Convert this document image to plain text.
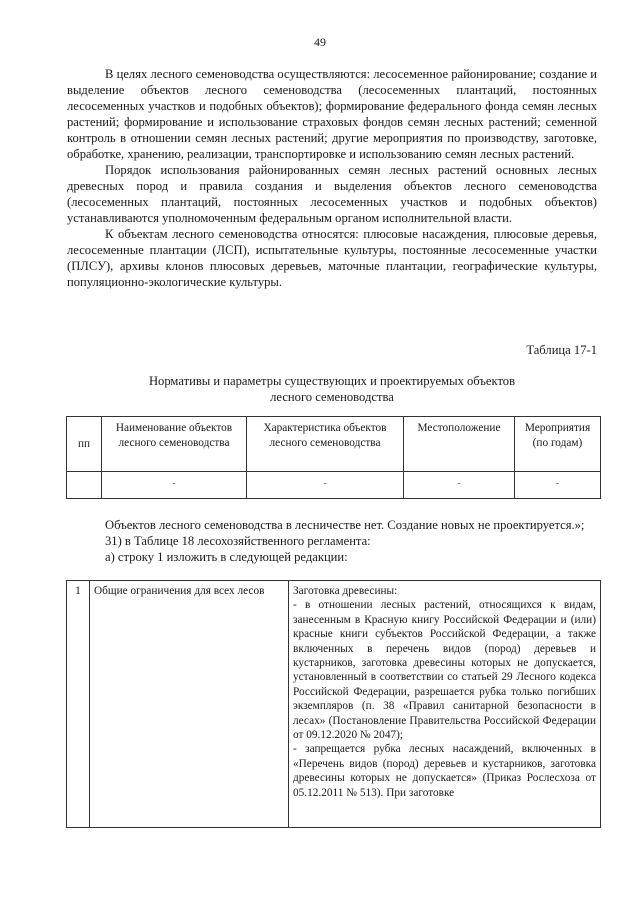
49

В целях лесного семеноводства осуществляются: лесосеменное районирование; создание и выделение объектов лесного семеноводства (лесосеменных плантаций, постоянных лесосеменных участков и подобных объектов); формирование федерального фонда семян лесных растений; формирование и использование страховых фондов семян лесных растений; семенной контроль в отношении семян лесных растений; другие мероприятия по производству, заготовке, обработке, хранению, реализации, транспортировке и использованию семян лесных растений.

Порядок использования районированных семян лесных растений основных лесных древесных пород и правила создания и выделения объектов лесного семеноводства (лесосеменных плантаций, постоянных лесосеменных участков и подобных объектов) устанавливаются уполномоченным федеральным органом исполнительной власти.

К объектам лесного семеноводства относятся: плюсовые насаждения, плюсовые деревья, лесосеменные плантации (ЛСП), испытательные культуры, постоянные лесосеменные участки (ПЛСУ), архивы клонов плюсовых деревьев, маточные плантации, географические культуры, популяционно-экологические культуры.

Таблица 17-1
Нормативы и параметры существующих и проектируемых объектов
лесного семеноводства
пп	Наименование объектов лесного семеноводства	Характеристика объектов лесного семеноводства	Местоположение	Мероприятия (по годам)
	-	-	-	-

Объектов лесного семеноводства в лесничестве нет. Создание новых не проектируется.»;

31) в Таблице 18 лесохозяйственного регламента:

а) строку 1 изложить в следующей редакции:

1	Общие ограничения для всех лесов	Заготовка древесины:

- в отношении лесных растений, относящихся к видам, занесенным в Красную книгу Российской Федерации и (или) красные книги субъектов Российской Федерации, а также включенных в перечень видов (пород) деревьев и кустарников, заготовка древесины которых не допускается, установленный в соответствии со статьей 29 Лесного кодекса Российской Федерации, разрешается рубка только погибших экземпляров (п. 38 «Правил санитарной безопасности в лесах» (Постановление Правительства Российской Федерации от 09.12.2020 № 2047);

- запрещается рубка лесных насаждений, включенных в «Перечень видов (пород) деревьев и кустарников, заготовка древесины которых не допускается» (Приказ Рослесхоза от 05.12.2011 № 513). При заготовке
